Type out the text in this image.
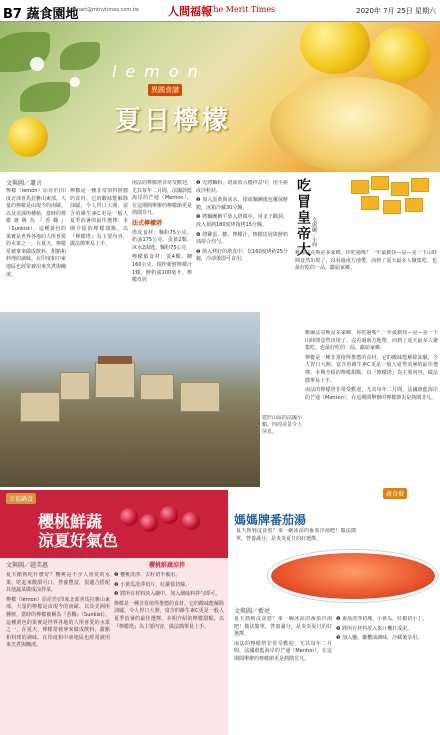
B7 蔬食園地
mtnart@mtnvtimes.com.tw	人間福報
The Merit Times	2020年 7月 25日 星期六
lemon
異國食譜
夏日檸檬
文與圖／蕭言

檸檬（lemon）原産於(印度北部喜馬拉雅山東部，大量的檸檬是由現今的南歐、以及美洲所種植，當時的檸檬被稱為『香櫞』（Sunkist）。這種黃色的果實是世界各地的人所喜愛的水果之一，在夏天，檸檬常被拿來做成飲料、甜點和料理的調味。在印度和中東地區也經常被用來烹煮與醃漬。

檸檬是一種非常值得推薦的食材。它的酸味能解除油膩，令人胃口大開，富含的維生素C更是一般人夏季消暑的最佳選擇。本期介紹的檸檬甜點，以『檸檬塔』為主要內容，做法簡單易上手。

南法的檸檬塔非常受歡迎，尤其每年二月間，法國蔚藍海岸的芒通（Menton），在這期間舉辦的檸檬節更是熱鬧非凡。

法式檸檬塔

塔皮食材：麵粉75公克、奶油175公克、蛋黃2顆、冰水2湯匙、麵粉75公克

檸檬餡食材：蛋4顆、糖160公克、現榨新鮮檸檬汁1顆、鮮奶油100毫升、檸檬皮屑

❶ 先將麵粉、奶油放入攪拌盆中，用手搓成沙粒狀。

❷ 加入蛋黃與冰水，揉成麵團後包覆保鮮膜，冰箱冷藏30分鐘。

❸ 將麵團擀平放入塔模中，用叉子戳洞，放入預熱180度烤箱烤15分鐘。

❹ 將雞蛋、糖、檸檬汁、檸檬皮屑與鮮奶油混合均勻。

❺ 倒入烤好的塔皮中，以160度烤約25分鐘，冷卻後即可食用。

吃冒皇帝大 文與圖／小何

雅爾法克斯是多家鄉，你吃過嗎？一年最勤快—是—是一下山時間竟然出現了，沒看過南方地帶，而到了夏天最多人聚集吃，也最好吃的一品，獻給家鄉。

小可福
建於山區的法國小鎮，四周美景令人屏息。

雅爾法克斯是多家鄉，你吃過嗎？一年最勤快—是—是一下山時間竟然出現了，沒看過南方地帶，而到了夏天最多人聚集吃，也最好吃的一品，獻給家鄉。

檸檬是一種非常值得推薦的食材。它的酸味能解除油膩，令人胃口大開，富含的維生素C更是一般人夏季消暑的最佳選擇。本期介紹的檸檬甜點，以『檸檬塔』為主要內容，做法簡單易上手。

南法的檸檬塔非常受歡迎，尤其每年二月間，法國蔚藍海岸的芒通（Menton），在這期間舉辦的檸檬節更是熱鬧非凡。

幸福鍋食
櫻桃鮮蔬
涼夏好氣色
櫻桃鮮蔬涼拌
文與圖／趙美惠

夏天酷熱吃什麼好？櫻桃是不少人喜愛的水果，吃起來酸甜可口，營養豐富，很適合搭配其他蔬菜做成涼拌菜。

檸檬（lemon）原産於(印度北部喜馬拉雅山東部，大量的檸檬是由現今的南歐、以及美洲所種植，當時的檸檬被稱為『香櫞』（Sunkist）。這種黃色的果實是世界各地的人所喜愛的水果之一，在夏天，檸檬常被拿來做成飲料、甜點和料理的調味。在印度和中東地區也經常被用來烹煮與醃漬。

❶ 櫻桃洗淨、去籽切半備用。

❷ 小黃瓜洗淨切片，紅蘿蔔切絲。

❸ 將所有材料放入碗中，加入調味料拌勻即可。

檸檬是一種非常值得推薦的食材。它的酸味能解除油膩，令人胃口大開，富含的維生素C更是一般人夏季消暑的最佳選擇。本期介紹的檸檬甜點，以『檸檬塔』為主要內容，做法簡單易上手。

蔬食餐
媽媽牌番茄湯

夏天熱到沒食慾？來一碗冰涼的番茄冷湯吧！做法簡單，營養滿分，是炎炎夏日的好選擇。

文與圖／藍亮

夏天熱到沒食慾？來一碗冰涼的番茄冷湯吧！做法簡單，營養滿分，是炎炎夏日的好選擇。

南法的檸檬塔非常受歡迎，尤其每年二月間，法國蔚藍海岸的芒通（Menton），在這期間舉辦的檸檬節更是熱鬧非凡。

❶ 番茄洗淨切塊，小黃瓜、紅椒切小丁。

❷ 將所有材料放入果汁機打成泥。

❸ 加入鹽、橄欖油調味，冷藏後享用。
